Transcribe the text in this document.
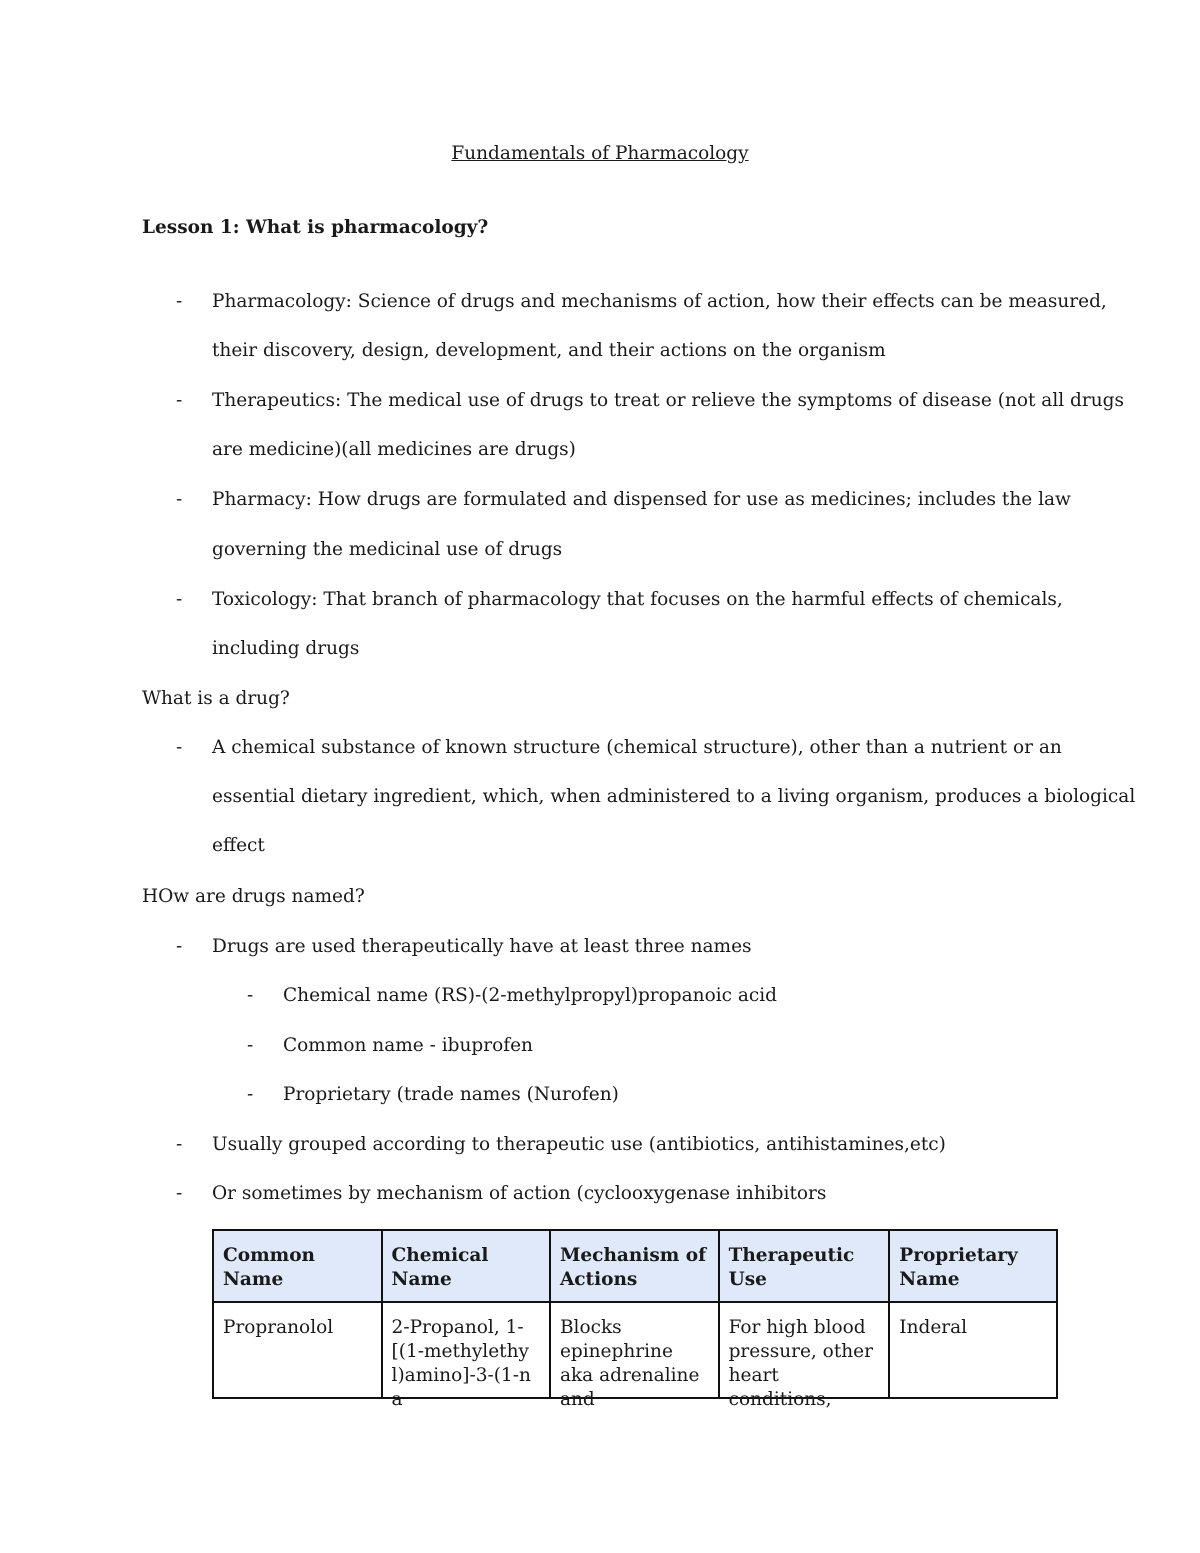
Fundamentals of Pharmacology
Lesson 1: What is pharmacology?
- Pharmacology: Science of drugs and mechanisms of action, how their effects can be measured,
their discovery, design, development, and their actions on the organism
- Therapeutics: The medical use of drugs to treat or relieve the symptoms of disease (not all drugs
are medicine)(all medicines are drugs)
- Pharmacy: How drugs are formulated and dispensed for use as medicines; includes the law
governing the medicinal use of drugs
- Toxicology: That branch of pharmacology that focuses on the harmful effects of chemicals,
including drugs
What is a drug?
- A chemical substance of known structure (chemical structure), other than a nutrient or an
essential dietary ingredient, which, when administered to a living organism, produces a biological
effect
HOw are drugs named?
- Drugs are used therapeutically have at least three names
- Chemical name (RS)-(2-methylpropyl)propanoic acid
- Common name - ibuprofen
- Proprietary (trade names (Nurofen)
- Usually grouped according to therapeutic use (antibiotics, antihistamines,etc)
- Or sometimes by mechanism of action (cyclooxygenase inhibitors
Common Name	Chemical Name	Mechanism of Actions	Therapeutic Use	Proprietary Name

Propranolol	2-Propanol, 1-[(1-methylethyl)amino]-3-(1-na	Blocks epinephrine aka adrenaline and	For high blood pressure, other heart conditions,	Inderal
